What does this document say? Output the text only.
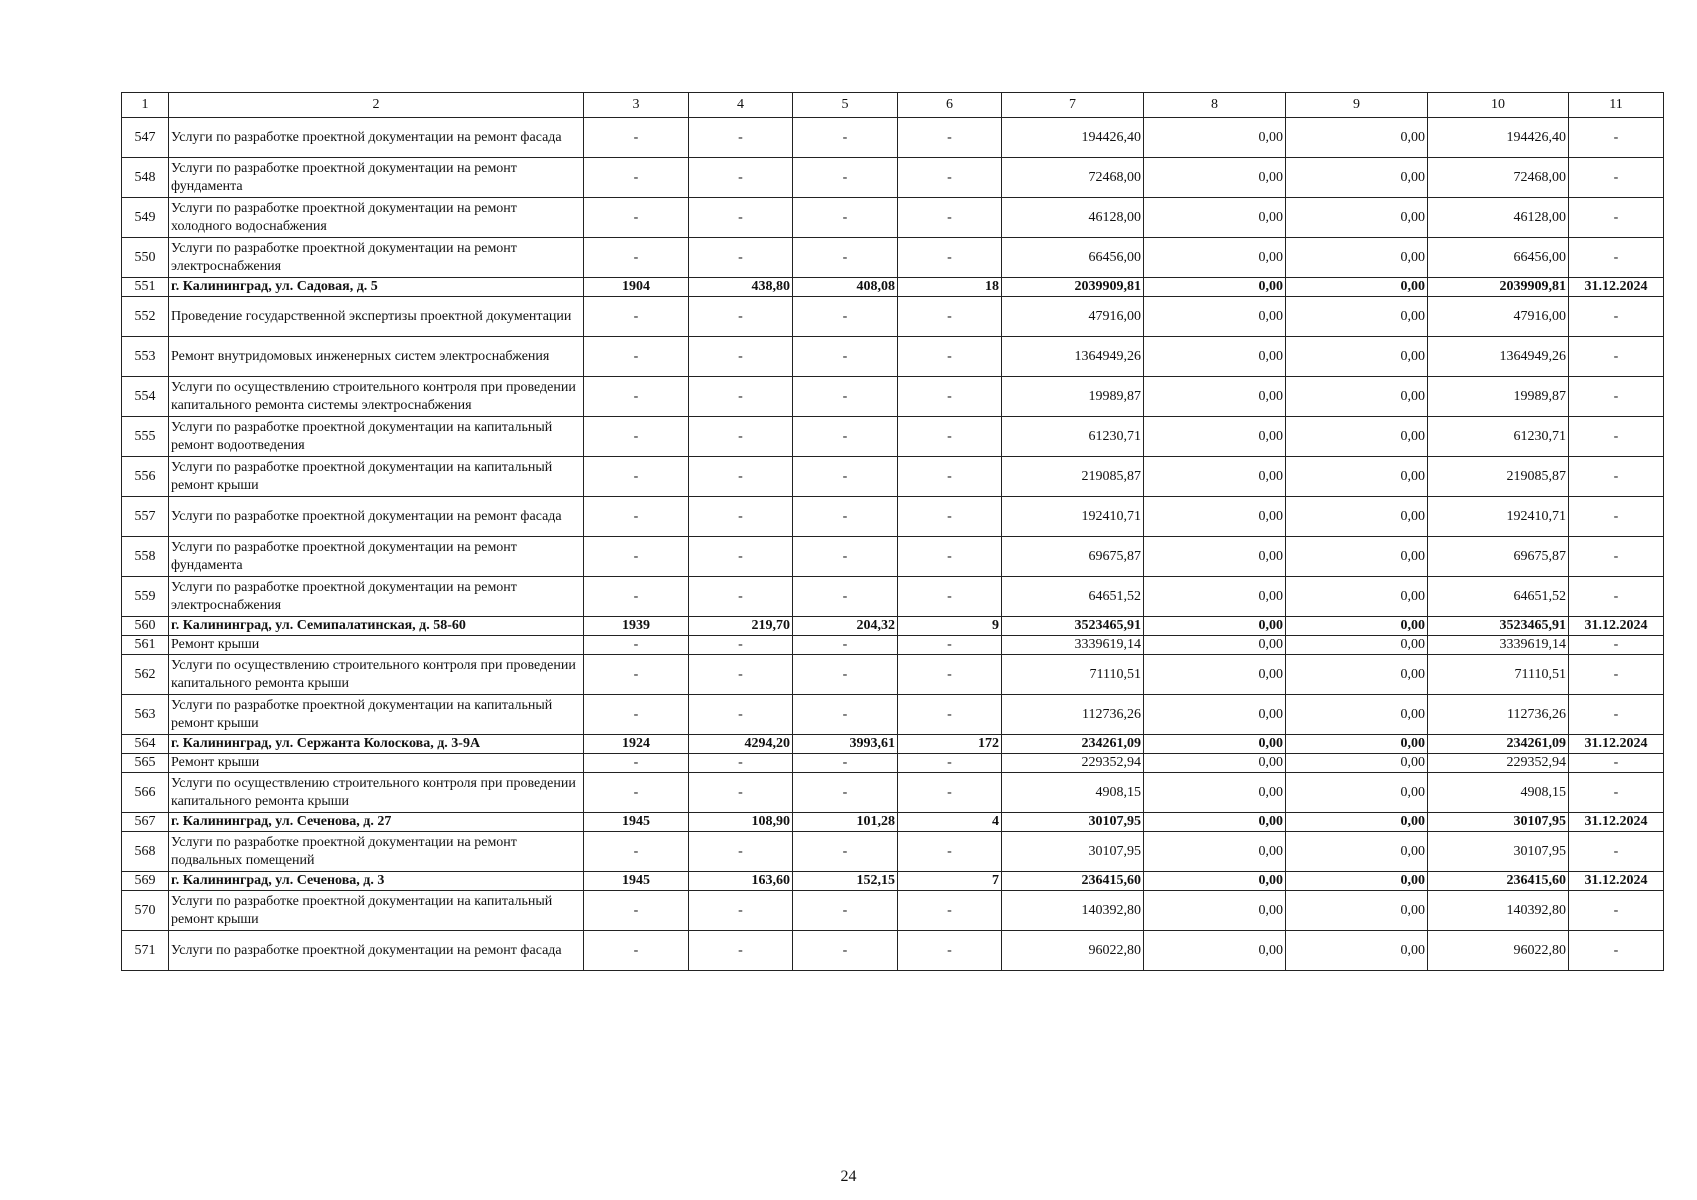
1	2	3	4	5	6	7	8	9	10	11
547	Услуги по разработке проектной документации на ремонт фасада	-	-	-	-	194426,40	0,00	0,00	194426,40	-
548	Услуги по разработке проектной документации на ремонт фундамента	-	-	-	-	72468,00	0,00	0,00	72468,00	-
549	Услуги по разработке проектной документации на ремонт холодного водоснабжения	-	-	-	-	46128,00	0,00	0,00	46128,00	-
550	Услуги по разработке проектной документации на ремонт электроснабжения	-	-	-	-	66456,00	0,00	0,00	66456,00	-
551	г. Калининград, ул. Садовая, д. 5	1904	438,80	408,08	18	2039909,81	0,00	0,00	2039909,81	31.12.2024
552	Проведение государственной экспертизы проектной документации	-	-	-	-	47916,00	0,00	0,00	47916,00	-
553	Ремонт внутридомовых инженерных систем электроснабжения	-	-	-	-	1364949,26	0,00	0,00	1364949,26	-
554	Услуги по осуществлению строительного контроля при проведении капитального ремонта системы электроснабжения	-	-	-	-	19989,87	0,00	0,00	19989,87	-
555	Услуги по разработке проектной документации на капитальный ремонт водоотведения	-	-	-	-	61230,71	0,00	0,00	61230,71	-
556	Услуги по разработке проектной документации на капитальный ремонт крыши	-	-	-	-	219085,87	0,00	0,00	219085,87	-
557	Услуги по разработке проектной документации на ремонт фасада	-	-	-	-	192410,71	0,00	0,00	192410,71	-
558	Услуги по разработке проектной документации на ремонт фундамента	-	-	-	-	69675,87	0,00	0,00	69675,87	-
559	Услуги по разработке проектной документации на ремонт электроснабжения	-	-	-	-	64651,52	0,00	0,00	64651,52	-
560	г. Калининград, ул. Семипалатинская, д. 58-60	1939	219,70	204,32	9	3523465,91	0,00	0,00	3523465,91	31.12.2024
561	Ремонт крыши	-	-	-	-	3339619,14	0,00	0,00	3339619,14	-
562	Услуги по осуществлению строительного контроля при проведении капитального ремонта крыши	-	-	-	-	71110,51	0,00	0,00	71110,51	-
563	Услуги по разработке проектной документации на капитальный ремонт крыши	-	-	-	-	112736,26	0,00	0,00	112736,26	-
564	г. Калининград, ул. Сержанта Колоскова, д. 3-9А	1924	4294,20	3993,61	172	234261,09	0,00	0,00	234261,09	31.12.2024
565	Ремонт крыши	-	-	-	-	229352,94	0,00	0,00	229352,94	-
566	Услуги по осуществлению строительного контроля при проведении капитального ремонта крыши	-	-	-	-	4908,15	0,00	0,00	4908,15	-
567	г. Калининград, ул. Сеченова, д. 27	1945	108,90	101,28	4	30107,95	0,00	0,00	30107,95	31.12.2024
568	Услуги по разработке проектной документации на ремонт подвальных помещений	-	-	-	-	30107,95	0,00	0,00	30107,95	-
569	г. Калининград, ул. Сеченова, д. 3	1945	163,60	152,15	7	236415,60	0,00	0,00	236415,60	31.12.2024
570	Услуги по разработке проектной документации на капитальный ремонт крыши	-	-	-	-	140392,80	0,00	0,00	140392,80	-
571	Услуги по разработке проектной документации на ремонт фасада	-	-	-	-	96022,80	0,00	0,00	96022,80	-
24
